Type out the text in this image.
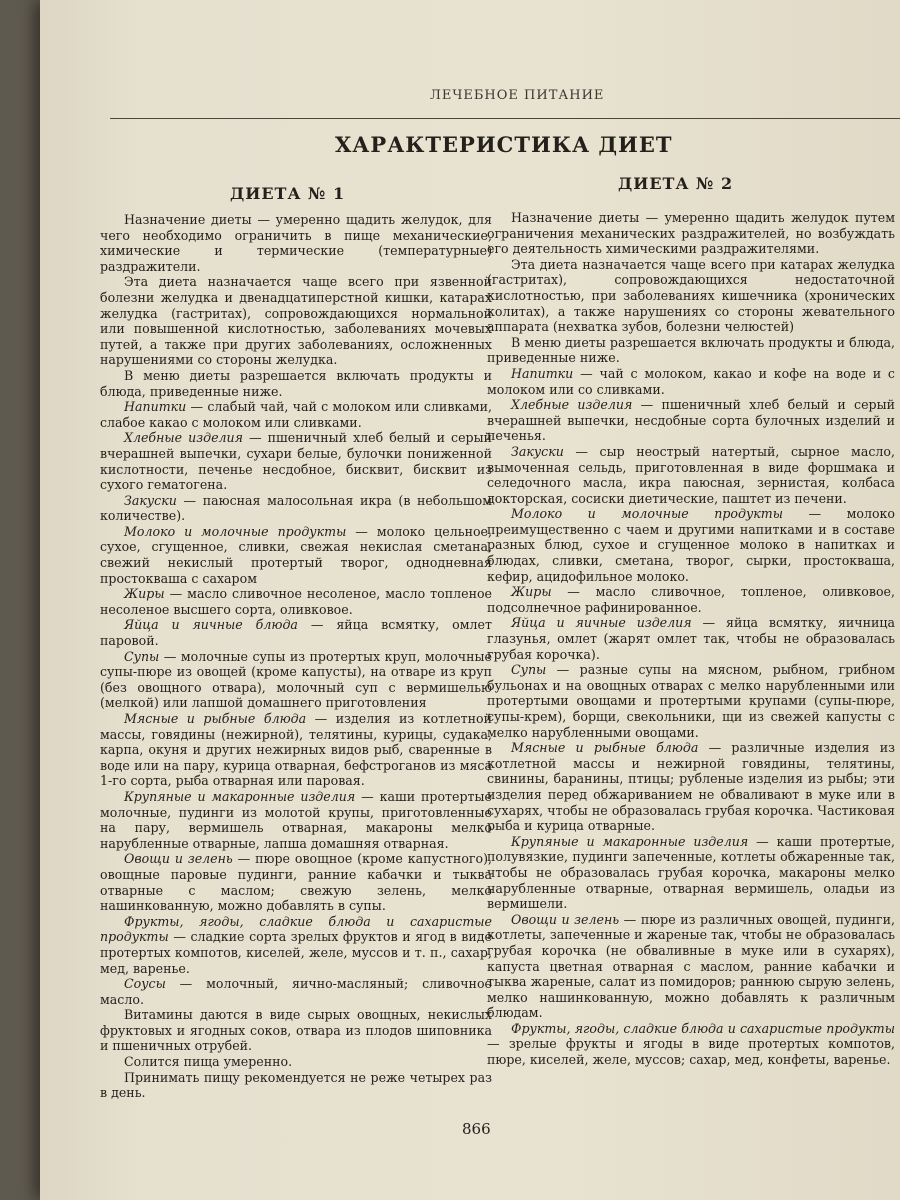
ЛЕЧЕБНОЕ ПИТАНИЕ
ХАРАКТЕРИСТИКА ДИЕТ
ДИЕТА № 1
ДИЕТА № 2

Назначение диеты — умеренно щадить желудок, для чего необходимо ограничить в пище механические, химические и термические (температурные) раздражители.

Эта диета назначается чаще всего при язвенной болезни желудка и двенадцатиперстной кишки, катарах желудка (гастритах), сопровождающихся нормальной или повышенной кислотностью, заболеваниях мочевых путей, а также при других заболеваниях, осложненных нарушениями со стороны желудка.

В меню диеты разрешается включать продукты и блюда, приведенные ниже.

Напитки — слабый чай, чай с молоком или сливками, слабое какао с молоком или сливками.

Хлебные изделия — пшеничный хлеб белый и серый вчерашней выпечки, сухари белые, булочки пониженной кислотности, печенье несдобное, бисквит, бисквит из сухого гематогена.

Закуски — паюсная малосольная икра (в небольшом количестве).

Молоко и молочные продукты — молоко цельное, сухое, сгущенное, сливки, свежая некислая сметана, свежий некислый протертый творог, однодневная простокваша с сахаром

Жиры — масло сливочное несоленое, масло топленое несоленое высшего сорта, оливковое.

Яйца и яичные блюда — яйца всмятку, омлет паровой.

Супы — молочные супы из протертых круп, молочные супы-пюре из овощей (кроме капусты), на отваре из круп (без овощного отвара), молочный суп с вермишелью (мелкой) или лапшой домашнего приготовления

Мясные и рыбные блюда — изделия из котлетной массы, говядины (нежирной), телятины, курицы, судака, карпа, окуня и других нежирных видов рыб, сваренные в воде или на пару, курица отварная, бефстроганов из мяса 1-го сорта, рыба отварная или паровая.

Крупяные и макаронные изделия — каши протертые молочные, пудинги из молотой крупы, приготовленные на пару, вермишель отварная, макароны мелко нарубленные отварные, лапша домашняя отварная.

Овощи и зелень — пюре овощное (кроме капустного), овощные паровые пудинги, ранние кабачки и тыква отварные с маслом; свежую зелень, мелко нашинкованную, можно добавлять в супы.

Фрукты, ягоды, сладкие блюда и сахаристые продукты — сладкие сорта зрелых фруктов и ягод в виде протертых компотов, киселей, желе, муссов и т. п., сахар, мед, варенье.

Соусы — молочный, яично-масляный; сливочное масло.

Витамины даются в виде сырых овощных, некислых фруктовых и ягодных соков, отвара из плодов шиповника и пшеничных отрубей.

Солится пища умеренно.

Принимать пищу рекомендуется не реже четырех раз в день.

Назначение диеты — умеренно щадить желудок путем ограничения механических раздражителей, но возбуждать его деятельность химическими раздражителями.

Эта диета назначается чаще всего при катарах желудка (гастритах), сопровождающихся недостаточной кислотностью, при заболеваниях кишечника (хронических колитах), а также нарушениях со стороны жевательного аппарата (нехватка зубов, болезни челюстей)

В меню диеты разрешается включать продукты и блюда, приведенные ниже.

Напитки — чай с молоком, какао и кофе на воде и с молоком или со сливками.

Хлебные изделия — пшеничный хлеб белый и серый вчерашней выпечки, несдобные сорта булочных изделий и печенья.

Закуски — сыр неострый натертый, сырное масло, вымоченная сельдь, приготовленная в виде форшмака и селедочного масла, икра паюсная, зернистая, колбаса докторская, сосиски диетические, паштет из печени.

Молоко и молочные продукты — молоко преимущественно с чаем и другими напитками и в составе разных блюд, сухое и сгущенное молоко в напитках и блюдах, сливки, сметана, творог, сырки, простокваша, кефир, ацидофильное молоко.

Жиры — масло сливочное, топленое, оливковое, подсолнечное рафинированное.

Яйца и яичные изделия — яйца всмятку, яичница глазунья, омлет (жарят омлет так, чтобы не образовалась грубая корочка).

Супы — разные супы на мясном, рыбном, грибном бульонах и на овощных отварах с мелко нарубленными или протертыми овощами и протертыми крупами (супы-пюре, супы-крем), борщи, свекольники, щи из свежей капусты с мелко нарубленными овощами.

Мясные и рыбные блюда — различные изделия из котлетной массы и нежирной говядины, телятины, свинины, баранины, птицы; рубленые изделия из рыбы; эти изделия перед обжариванием не обваливают в муке или в сухарях, чтобы не образовалась грубая корочка. Частиковая рыба и курица отварные.

Крупяные и макаронные изделия — каши протертые, полувязкие, пудинги запеченные, котлеты обжаренные так, чтобы не образовалась грубая корочка, макароны мелко нарубленные отварные, отварная вермишель, оладьи из вермишели.

Овощи и зелень — пюре из различных овощей, пудинги, котлеты, запеченные и жареные так, чтобы не образовалась грубая корочка (не обваливные в муке или в сухарях), капуста цветная отварная с маслом, ранние кабачки и тыква жареные, салат из помидоров; раннюю сырую зелень, мелко нашинкованную, можно добавлять к различным блюдам.

Фрукты, ягоды, сладкие блюда и сахаристые продукты — зрелые фрукты и ягоды в виде протертых компотов, пюре, киселей, желе, муссов; сахар, мед, конфеты, варенье.

866
